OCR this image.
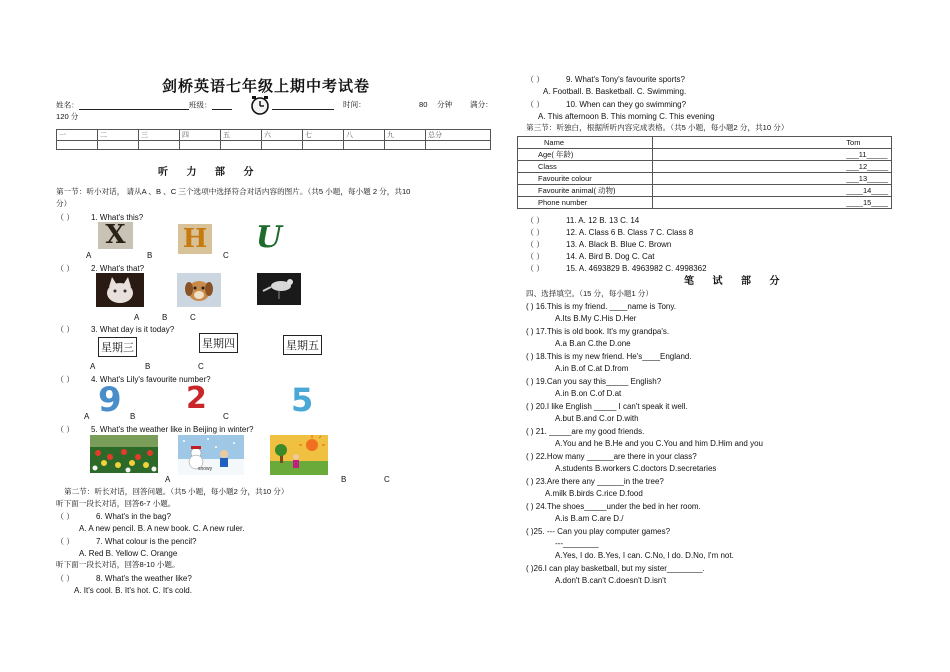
剑桥英语七年级上期中考试卷
姓名：	班级：	时间：	80 分钟 满分：
120 分
一	二	三	四	五	六	七	八	九	总分

听 力 部 分
第一节：听小对话， 请从A 、B 、C 三个选项中选择符合对话内容的图片。（共5 小题，每小题 2 分，共10
分）
（ ） 1. What's this?
X H U
A	B	C
（ ） 2. What's that?
A	B	C
（ ） 3. What day is it today?
星期三	星期四	星期五
A	B	C
（ ） 4. What's Lily's favourite number?
9 2	5
A	B	C
（ ） 5. What's the weather like in Beijing in winter?
snowy
A	B	C
第二节：听长对话，回答问题。（共5 小题，每小题2 分，共10 分）
听下面一段长对话，回答6-7 小题。
（ ）	6. What's in the bag?
A. A new pencil. B. A new book. C. A new ruler.
（ ）	7. What colour is the pencil?
A. Red B. Yellow C. Orange
听下面一段长对话，回答8-10 小题。
（ ）	8. What's the weather like?
A. It's cool. B. It's hot. C. It's cold.
（ ）	9. What's Tony's favourite sports?
A. Football. B. Basketball. C. Swimming.
（ ）	10. When can they go swimming?
A. This afternoon B. This morning C. This evening
第三节：听独白，根据所听内容完成表格。（共5 小题，每小题2 分，共10 分）
Name	Tom
Age( 年龄)	___11_____
Class	___12_____
Favourite colour	___13_____
Favourite animal( 动物)	____14____
Phone number	____15____
（ ）	11. A. 12 B. 13 C. 14
（ ）	12. A. Class 6 B. Class 7 C. Class 8
（ ）	13. A. Black B. Blue C. Brown
（ ）	14. A. Bird B. Dog C. Cat
（ ）	15. A. 4693829 B. 4963982 C. 4998362
笔 试 部 分
四、选择填空。（15 分，每小题1 分）
( ) 16.This is my friend. ____name is Tony.
A.Its B.My C.His D.Her
( ) 17.This is old book. It's my grandpa's.
A.a B.an C.the D.one
( ) 18.This is my new friend. He's____England.
A.in B.of C.at D.from
( ) 19.Can you say this_____ English?
A.in B.on C.of D.at
( ) 20.I like English _____ I can't speak it well.
A.but B.and C.or D.with
( ) 21. _____are my good friends.
A.You and he B.He and you C.You and him D.Him and you
( ) 22.How many ______are there in your class?
A.students B.workers C.doctors D.secretaries
( ) 23.Are there any ______in the tree?
A.milk B.birds C.rice D.food
( ) 24.The shoes_____under the bed in her room.
A.is B.am C.are D./
( )25. --- Can you play computer games?
---________
A.Yes, I do. B.Yes, I can. C.No, I do. D.No, I'm not.
( )26.I can play basketball, but my sister________.
A.don't B.can't C.doesn't D.isn't
